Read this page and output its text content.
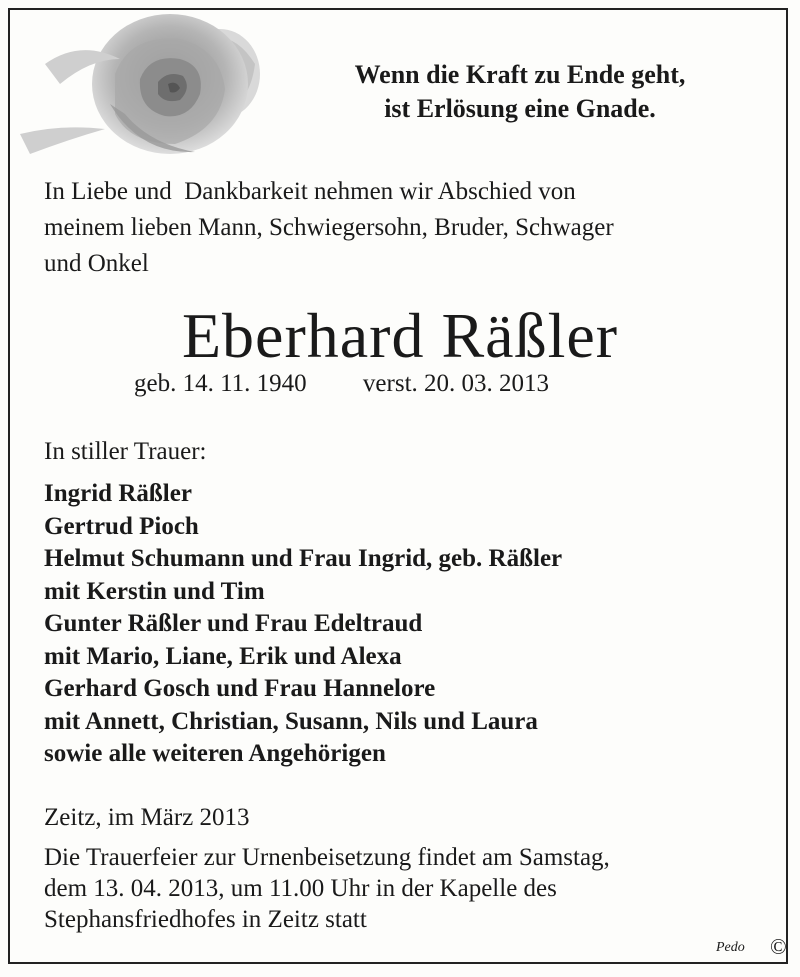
Wenn die Kraft zu Ende geht,
ist Erlösung eine Gnade.
In Liebe und  Dankbarkeit nehmen wir Abschied von
meinem lieben Mann, Schwiegersohn, Bruder, Schwager
und Onkel
Eberhard Räßler
geb. 14. 11. 1940 verst. 20. 03. 2013
In stiller Trauer:
Ingrid Räßler
Gertrud Pioch
Helmut Schumann und Frau Ingrid, geb. Räßler
mit Kerstin und Tim
Gunter Räßler und Frau Edeltraud
mit Mario, Liane, Erik und Alexa
Gerhard Gosch und Frau Hannelore
mit Annett, Christian, Susann, Nils und Laura
sowie alle weiteren Angehörigen
Zeitz, im März 2013
Die Trauerfeier zur Urnenbeisetzung findet am Samstag,
dem 13. 04. 2013, um 11.00 Uhr in der Kapelle des
Stephansfriedhofes in Zeitz statt
Pedo ©
